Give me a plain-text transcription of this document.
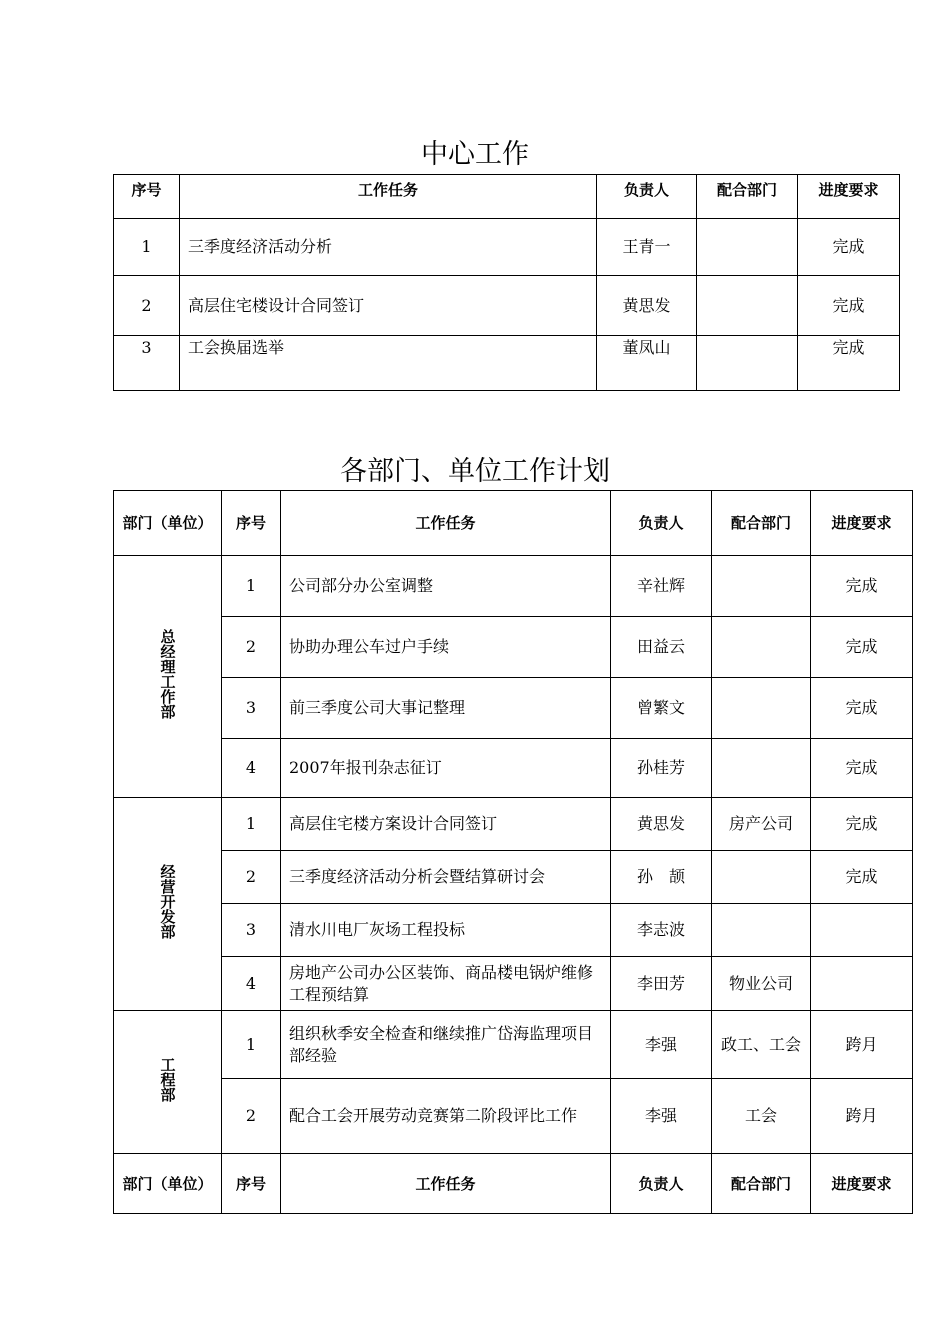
中心工作
序号	工作任务	负责人	配合部门	进度要求
1	三季度经济活动分析	王青一		完成
2	高层住宅楼设计合同签订	黄思发		完成
3	工会换届选举	董凤山		完成
各部门、单位工作计划
部门（单位）	序号	工作任务	负责人	配合部门	进度要求
总经理工作部	1	公司部分办公室调整	辛社辉		完成
	2	协助办理公车过户手续	田益云		完成
	3	前三季度公司大事记整理	曾繁文		完成
	4	2007年报刊杂志征订	孙桂芳		完成
经营开发部	1	高层住宅楼方案设计合同签订	黄思发	房产公司	完成
	2	三季度经济活动分析会暨结算研讨会	孙　颉		完成
	3	清水川电厂灰场工程投标	李志波		
	4	房地产公司办公区装饰、商品楼电锅炉维修工程预结算	李田芳	物业公司	
工程部	1	组织秋季安全检查和继续推广岱海监理项目部经验	李强	政工、工会	跨月
	2	配合工会开展劳动竞赛第二阶段评比工作	李强	工会	跨月
部门（单位）	序号	工作任务	负责人	配合部门	进度要求
